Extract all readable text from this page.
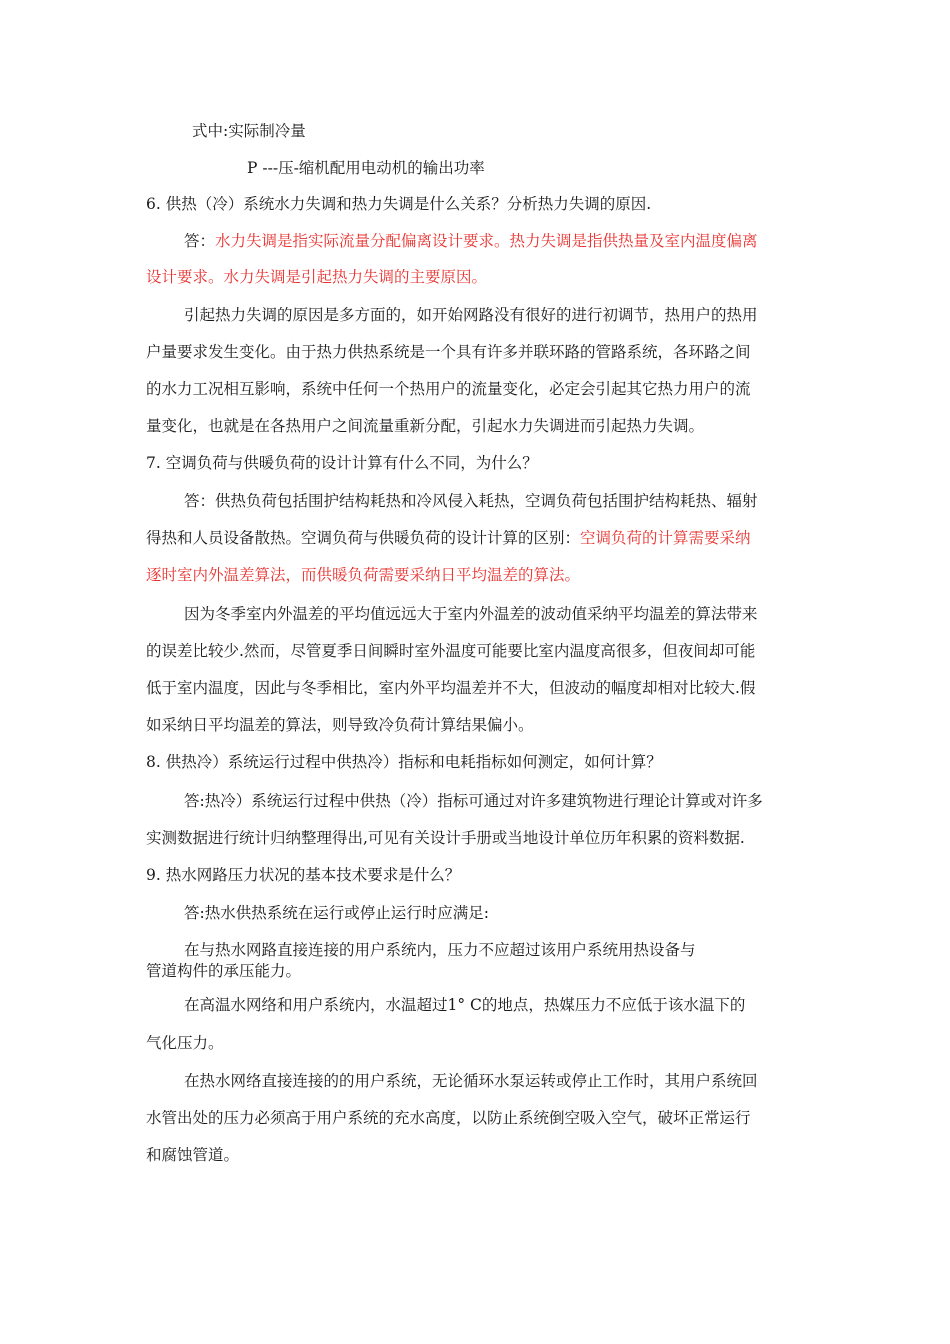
式中:实际制冷量
P ---压-缩机配用电动机的输出功率
6. 供热（冷）系统水力失调和热力失调是什么关系？分析热力失调的原因.
答：水力失调是指实际流量分配偏离设计要求。热力失调是指供热量及室内温度偏离
设计要求。水力失调是引起热力失调的主要原因。
引起热力失调的原因是多方面的，如开始网路没有很好的进行初调节，热用户的热用
户量要求发生变化。由于热力供热系统是一个具有许多并联环路的管路系统，各环路之间
的水力工况相互影响，系统中任何一个热用户的流量变化，必定会引起其它热力用户的流
量变化，也就是在各热用户之间流量重新分配，引起水力失调进而引起热力失调。
7. 空调负荷与供暖负荷的设计计算有什么不同，为什么？
答：供热负荷包括围护结构耗热和冷风侵入耗热，空调负荷包括围护结构耗热、辐射
得热和人员设备散热。空调负荷与供暖负荷的设计计算的区别：空调负荷的计算需要采纳
逐时室内外温差算法，而供暖负荷需要采纳日平均温差的算法。
因为冬季室内外温差的平均值远远大于室内外温差的波动值采纳平均温差的算法带来
的误差比较少.然而，尽管夏季日间瞬时室外温度可能要比室内温度高很多，但夜间却可能
低于室内温度，因此与冬季相比，室内外平均温差并不大，但波动的幅度却相对比较大.假
如采纳日平均温差的算法，则导致冷负荷计算结果偏小。
8. 供热冷）系统运行过程中供热冷）指标和电耗指标如何测定，如何计算？
答:热冷）系统运行过程中供热（冷）指标可通过对许多建筑物进行理论计算或对许多
实测数据进行统计归纳整理得出,可见有关设计手册或当地设计单位历年积累的资料数据.
9. 热水网路压力状况的基本技术要求是什么？
答:热水供热系统在运行或停止运行时应满足:
在与热水网路直接连接的用户系统内，压力不应超过该用户系统用热设备与
管道构件的承压能力。
在高温水网络和用户系统内，水温超过1° C的地点，热媒压力不应低于该水温下的
气化压力。
在热水网络直接连接的的用户系统，无论循环水泵运转或停止工作时，其用户系统回
水管出处的压力必须高于用户系统的充水高度，以防止系统倒空吸入空气，破坏正常运行
和腐蚀管道。
